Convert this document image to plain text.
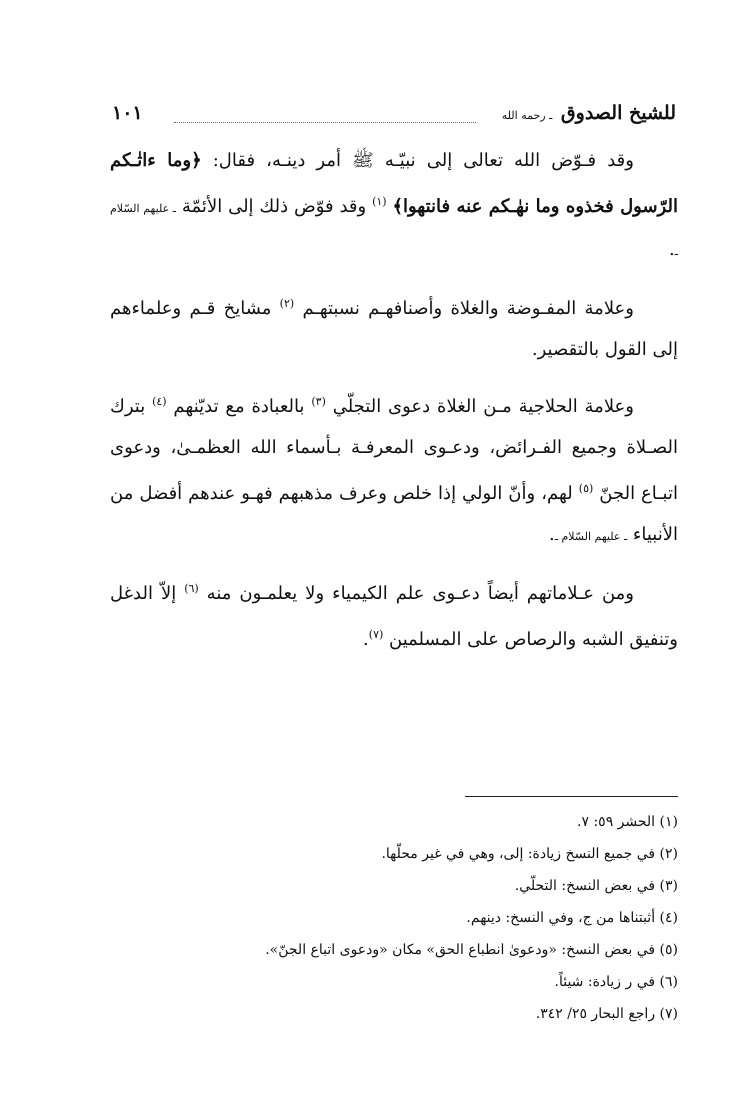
للشيخ الصدوق ـ رحمه الله
١٠١

وقد فـوّض الله تعالى إلى نبيّـه ﷺ أمر دينـه، فقال: ﴿وما ءاتٰـكم الرّسول فخذوه وما نهٰـكم عنه فانتهوا﴾ $^{(١)}$ وقد فوّض ذلك إلى الأئمّة ـ عليهم السّلام ـ.

وعلامة المفـوضة والغلاة وأصنافهـم نسبتهـم $^{(٢)}$ مشايخ قـم وعلماءهم إلى القول بالتقصير.

وعلامة الحلاجية مـن الغلاة دعوى التجلّي $^{(٣)}$ بالعبادة مع تديّنهم $^{(٤)}$ بترك الصـلاة وجميع الفـرائض، ودعـوى المعرفـة بـأسماء الله العظمـىٰ، ودعوى اتبـاع الجنّ $^{(٥)}$ لهم، وأنّ الولي إذا خلص وعرف مذهبهم فهـو عندهم أفضل من الأنبياء ـ عليهم السّلام ـ.

ومن عـلاماتهم أيضاً دعـوى علم الكيمياء ولا يعلمـون منه $^{(٦)}$ إلاّ الدغل وتنفيق الشبه والرصاص على المسلمين $^{(٧)}$.

(١) الحشر ٥٩: ٧.
(٢) في جميع النسخ زيادة: إلى، وهي في غير محلّها.
(٣) في بعض النسخ: التحلّي.
(٤) أثبتناها من ج، وفي النسخ: دينهم.
(٥) في بعض النسخ: «ودعوىٰ انطباع الحق» مكان «ودعوى اتباع الجنّ».
(٦) في ر زيادة: شيئاً.
(٧) راجع البحار ٢٥/ ٣٤٢.
